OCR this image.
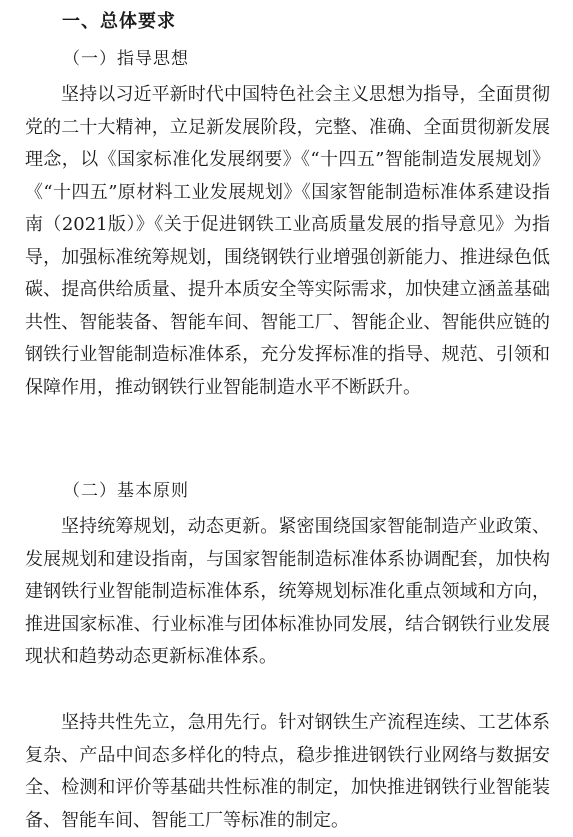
一、总体要求
（一）指导思想

坚持以习近平新时代中国特色社会主义思想为指导，全面贯彻党的二十大精神，立足新发展阶段，完整、准确、全面贯彻新发展理念，以《国家标准化发展纲要》《“十四五”智能制造发展规划》《“十四五”原材料工业发展规划》《国家智能制造标准体系建设指南（2021版）》《关于促进钢铁工业高质量发展的指导意见》为指导，加强标准统筹规划，围绕钢铁行业增强创新能力、推进绿色低碳、提高供给质量、提升本质安全等实际需求，加快建立涵盖基础共性、智能装备、智能车间、智能工厂、智能企业、智能供应链的钢铁行业智能制造标准体系，充分发挥标准的指导、规范、引领和保障作用，推动钢铁行业智能制造水平不断跃升。

（二）基本原则

坚持统筹规划，动态更新。紧密围绕国家智能制造产业政策、发展规划和建设指南，与国家智能制造标准体系协调配套，加快构建钢铁行业智能制造标准体系，统筹规划标准化重点领域和方向，推进国家标准、行业标准与团体标准协同发展，结合钢铁行业发展现状和趋势动态更新标准体系。

坚持共性先立，急用先行。针对钢铁生产流程连续、工艺体系复杂、产品中间态多样化的特点，稳步推进钢铁行业网络与数据安全、检测和评价等基础共性标准的制定，加快推进钢铁行业智能装备、智能车间、智能工厂等标准的制定。
